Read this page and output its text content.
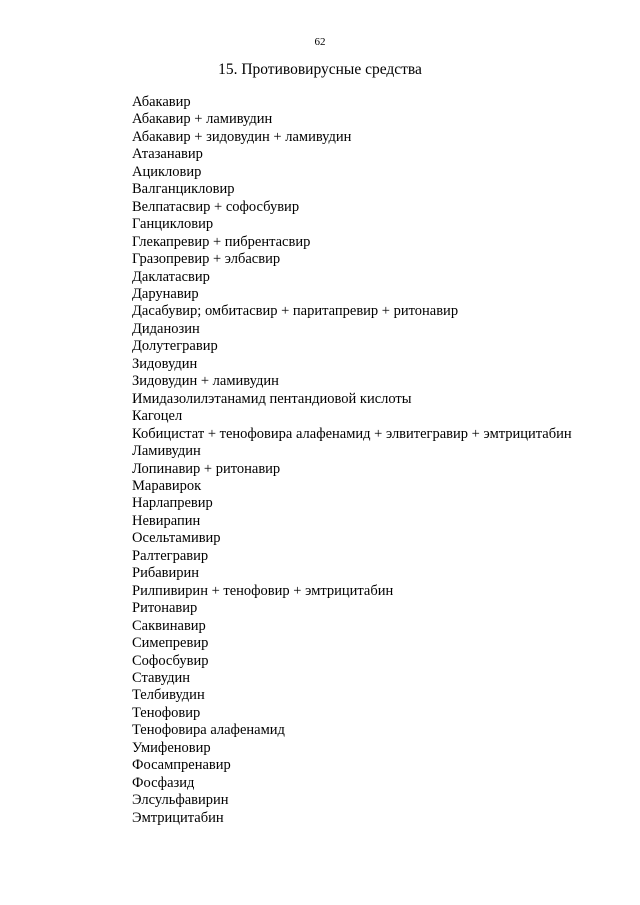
62
15. Противовирусные средства
Абакавир
Абакавир + ламивудин
Абакавир + зидовудин + ламивудин
Атазанавир
Ацикловир
Валганцикловир
Велпатасвир + софосбувир
Ганцикловир
Глекапревир + пибрентасвир
Гразопревир + элбасвир
Даклатасвир
Дарунавир
Дасабувир; омбитасвир + паритапревир + ритонавир
Диданозин
Долутегравир
Зидовудин
Зидовудин + ламивудин
Имидазолилэтанамид пентандиовой кислоты
Кагоцел
Кобицистат + тенофовира алафенамид + элвитегравир + эмтрицитабин
Ламивудин
Лопинавир + ритонавир
Маравирок
Нарлапревир
Невирапин
Осельтамивир
Ралтегравир
Рибавирин
Рилпивирин + тенофовир + эмтрицитабин
Ритонавир
Саквинавир
Симепревир
Софосбувир
Ставудин
Телбивудин
Тенофовир
Тенофовира алафенамид
Умифеновир
Фосампренавир
Фосфазид
Элсульфавирин
Эмтрицитабин
